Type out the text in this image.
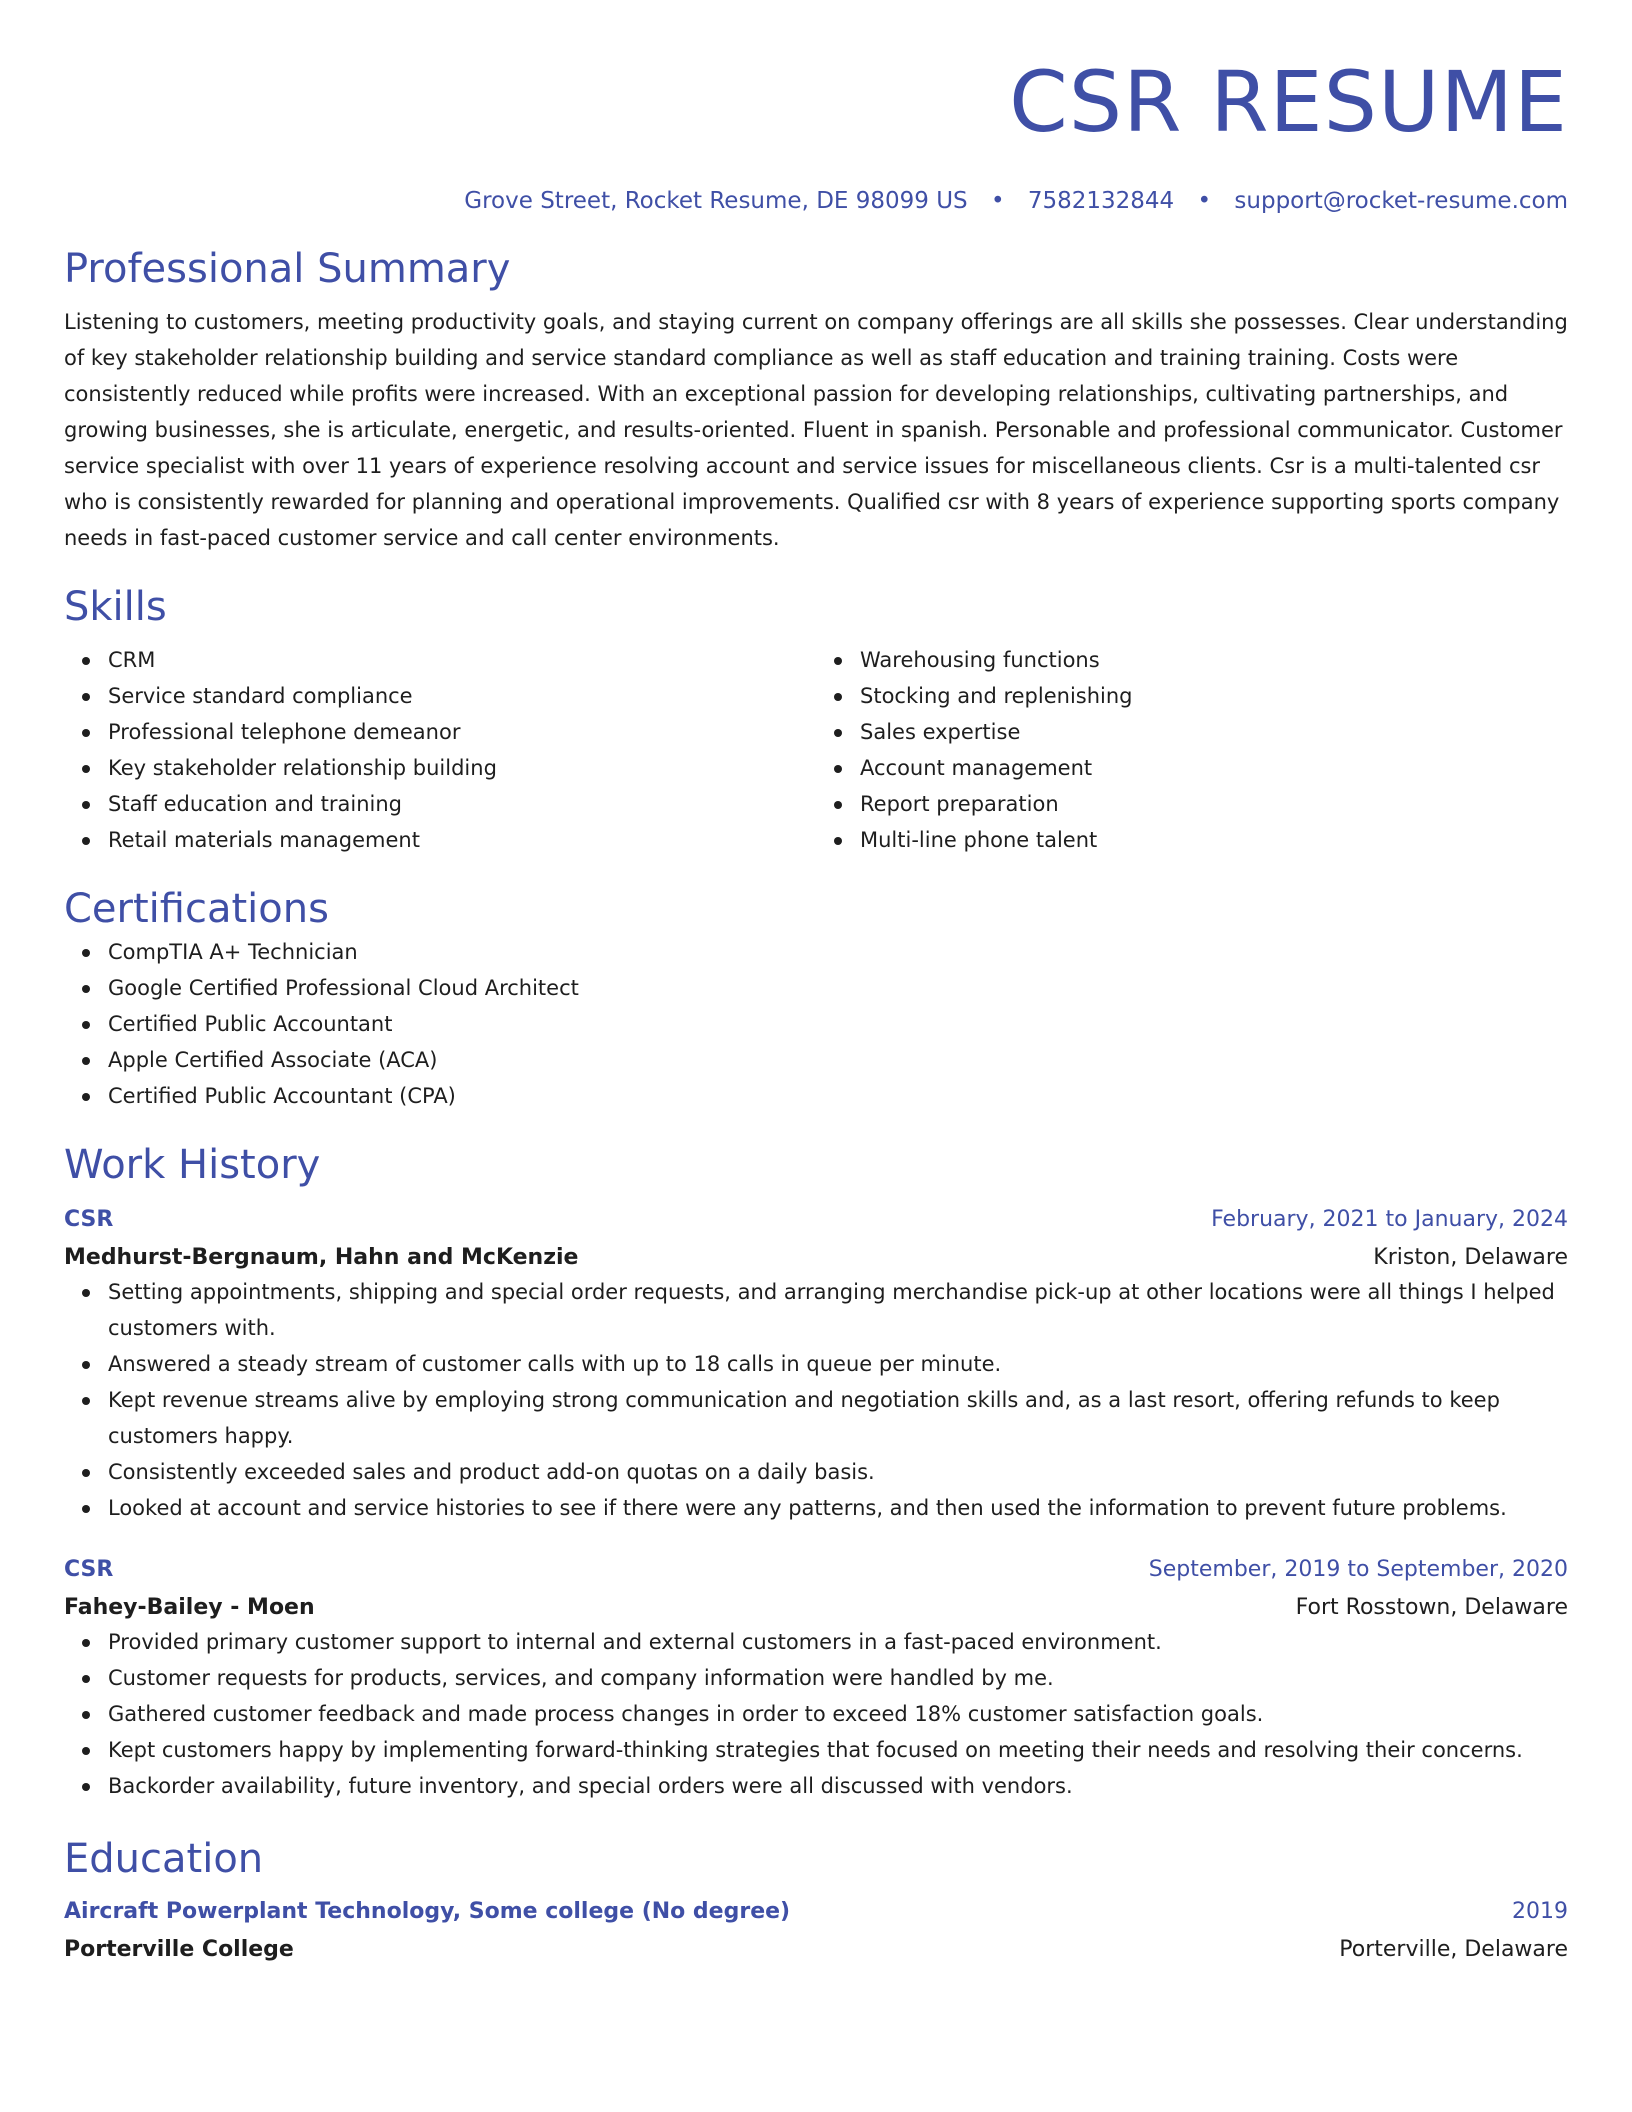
CSR RESUME
Grove Street, Rocket Resume, DE 98099 US • 7582132844 • support@rocket-resume.com
Professional Summary

Listening to customers, meeting productivity goals, and staying current on company offerings are all skills she possesses. Clear understanding of key stakeholder relationship building and service standard compliance as well as staff education and training training. Costs were consistently reduced while profits were increased. With an exceptional passion for developing relationships, cultivating partnerships, and growing businesses, she is articulate, energetic, and results-oriented. Fluent in spanish. Personable and professional communicator. Customer service specialist with over 11 years of experience resolving account and service issues for miscellaneous clients. Csr is a multi-talented csr who is consistently rewarded for planning and operational improvements. Qualified csr with 8 years of experience supporting sports company needs in fast-paced customer service and call center environments.

Skills
CRM
Service standard compliance
Professional telephone demeanor
Key stakeholder relationship building
Staff education and training
Retail materials management
Warehousing functions
Stocking and replenishing
Sales expertise
Account management
Report preparation
Multi-line phone talent
Certifications
CompTIA A+ Technician
Google Certified Professional Cloud Architect
Certified Public Accountant
Apple Certified Associate (ACA)
Certified Public Accountant (CPA)
Work History
CSR	February, 2021 to January, 2024
Medhurst-Bergnaum, Hahn and McKenzie	Kriston, Delaware
Setting appointments, shipping and special order requests, and arranging merchandise pick-up at other locations were all things I helped customers with.
Answered a steady stream of customer calls with up to 18 calls in queue per minute.
Kept revenue streams alive by employing strong communication and negotiation skills and, as a last resort, offering refunds to keep customers happy.
Consistently exceeded sales and product add-on quotas on a daily basis.
Looked at account and service histories to see if there were any patterns, and then used the information to prevent future problems.
CSR	September, 2019 to September, 2020
Fahey-Bailey - Moen	Fort Rosstown, Delaware
Provided primary customer support to internal and external customers in a fast-paced environment.
Customer requests for products, services, and company information were handled by me.
Gathered customer feedback and made process changes in order to exceed 18% customer satisfaction goals.
Kept customers happy by implementing forward-thinking strategies that focused on meeting their needs and resolving their concerns.
Backorder availability, future inventory, and special orders were all discussed with vendors.
Education
Aircraft Powerplant Technology, Some college (No degree)	2019
Porterville College	Porterville, Delaware
